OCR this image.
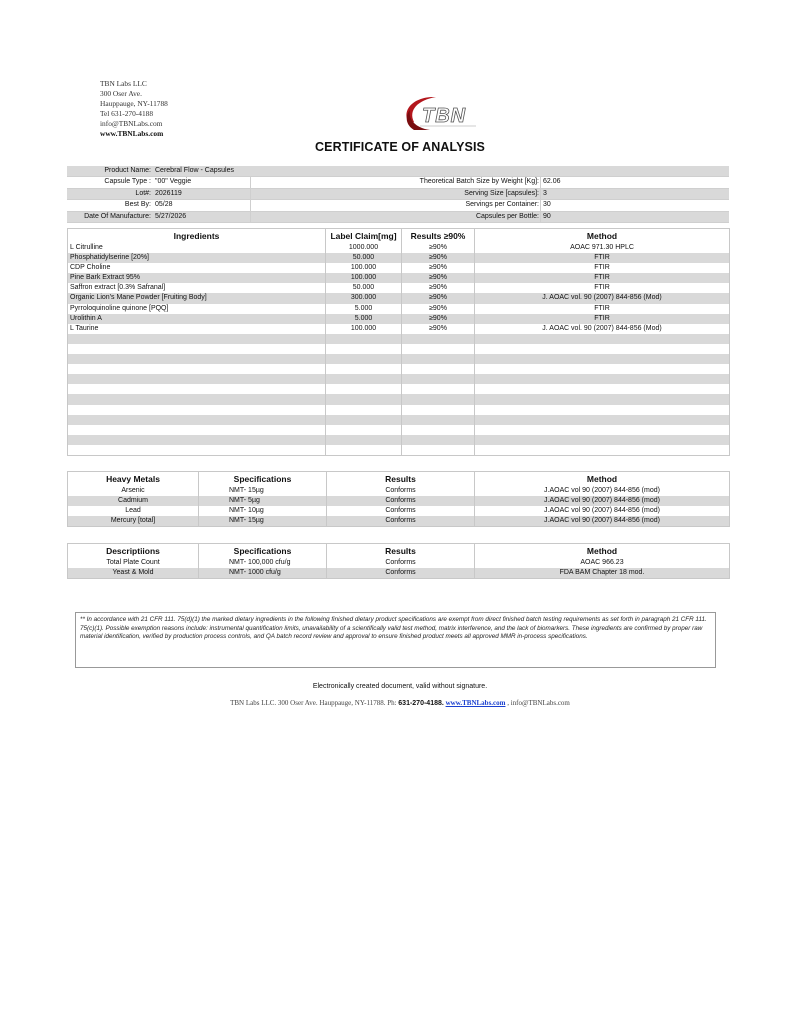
TBN Labs LLC
300 Oser Ave.
Hauppauge, NY-11788
Tel 631-270-4188
info@TBNLabs.com
www.TBNLabs.com
TBN
CERTIFICATE OF ANALYSIS
Product Name: Cerebral Flow - Capsules
Capsule Type : "00" Veggie	Theoretical Batch Size by Weight [Kg]: 62.06
Lot#: 2026119	Serving Size [capsules]: 3
Best By: 05/28	Servings per Container: 30
Date Of Manufacture: 5/27/2026	Capsules per Bottle: 90
Ingredients	Label Claim[mg]	Results ≥90%	Method
L Citrulline	1000.000	≥90%	AOAC 971.30 HPLC
Phosphatidylserine [20%]	50.000	≥90%	FTIR
CDP Choline	100.000	≥90%	FTIR
Pine Bark Extract 95%	100.000	≥90%	FTIR
Saffron extract [0.3% Safranal]	50.000	≥90%	FTIR
Organic Lion's Mane Powder [Fruiting Body]	300.000	≥90%	J. AOAC vol. 90 (2007) 844-856 (Mod)
Pyrroloquinoline quinone [PQQ]	5.000	≥90%	FTIR
Urolithin A	5.000	≥90%	FTIR
L Taurine	100.000	≥90%	J. AOAC vol. 90 (2007) 844-856 (Mod)

Heavy Metals	Specifications	Results	Method
Arsenic	NMT- 15µg	Conforms	J.AOAC vol 90 (2007) 844-856 (mod)
Cadmium	NMT- 5µg	Conforms	J.AOAC vol 90 (2007) 844-856 (mod)
Lead	NMT- 10µg	Conforms	J.AOAC vol 90 (2007) 844-856 (mod)
Mercury [total]	NMT- 15µg	Conforms	J.AOAC vol 90 (2007) 844-856 (mod)
Descriptiions	Specifications	Results	Method
Total Plate Count	NMT- 100,000 cfu/g	Conforms	AOAC 966.23
Yeast & Mold	NMT- 1000 cfu/g	Conforms	FDA BAM Chapter 18 mod.
** In accordance with 21 CFR 111. 75(d)(1) the marked dietary ingredients in the following finished dietary product specifications are exempt from direct finished batch testing requirements as set forth in paragraph 21 CFR 111. 75(c)(1). Possible exemption reasons include: instrumental quantification limits, unavailability of a scientifically valid test method, matrix interference, and the lack of biomarkers. These ingredients are confirmed by proper raw material identification, verified by production process controls, and QA batch record review and approval to ensure finished product meets all approved MMR in-process specifications.
Electronically created document, valid without signature.
TBN Labs LLC. 300 Oser Ave. Hauppauge, NY-11788. Ph: 631-270-4188. www.TBNLabs.com , info@TBNLabs.com
